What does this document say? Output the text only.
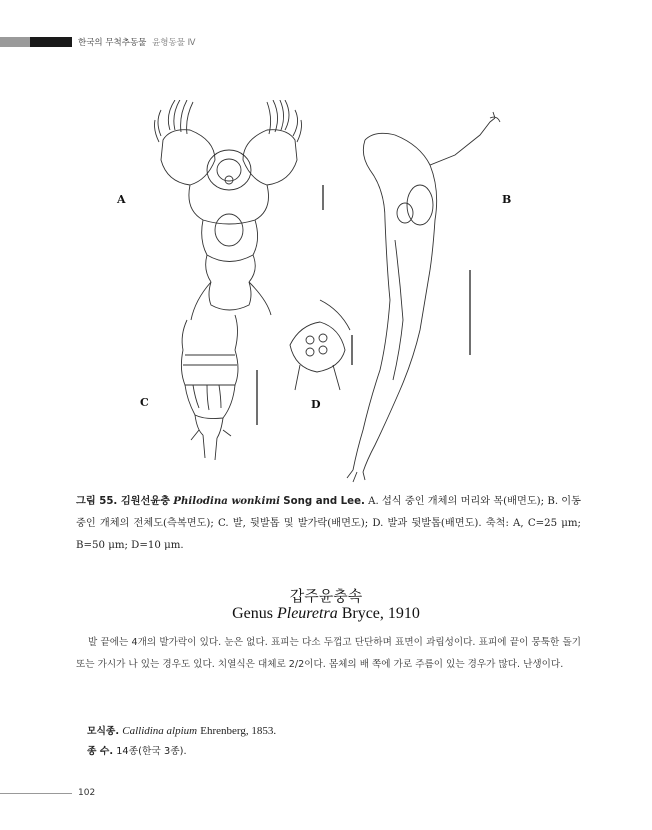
한국의 무척추동물 윤형동물 Ⅳ
A	B
C	D

그림 55. 김원선윤충 Philodina wonkimi Song and Lee. A. 섭식 중인 개체의 머리와 목(배면도); B. 이동 중인 개체의 전체도(측복면도); C. 발, 뒷발톱 및 발가락(배면도); D. 발과 뒷발톱(배면도). 축척: A, C=25 μm; B=50 μm; D=10 μm.

갑주윤충속
Genus Pleuretra Bryce, 1910

발 끝에는 4개의 발가락이 있다. 눈은 없다. 표피는 다소 두껍고 단단하며 표면이 과립성이다. 표피에 끝이 뭉툭한 돌기 또는 가시가 나 있는 경우도 있다. 치열식은 대체로 2/2이다. 몸체의 배 쪽에 가로 주름이 있는 경우가 많다. 난생이다.

모식종. Callidina alpium Ehrenberg, 1853.
종 수. 14종(한국 3종).
102
